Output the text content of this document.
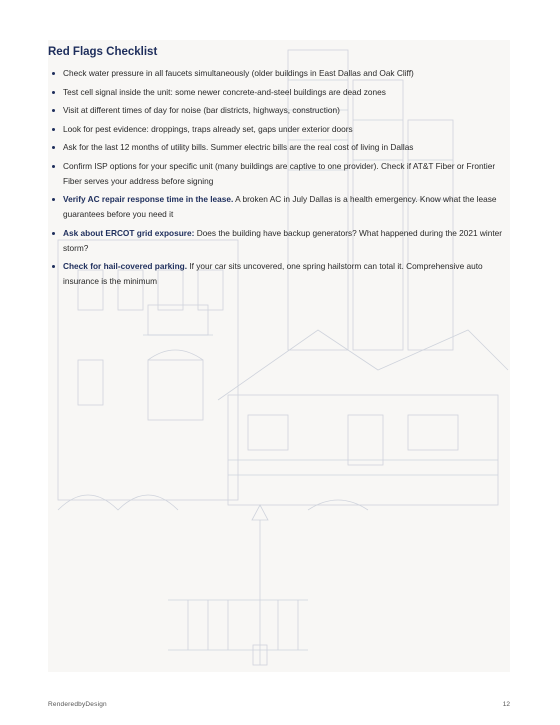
Red Flags Checklist
Check water pressure in all faucets simultaneously (older buildings in East Dallas and Oak Cliff)
Test cell signal inside the unit: some newer concrete-and-steel buildings are dead zones
Visit at different times of day for noise (bar districts, highways, construction)
Look for pest evidence: droppings, traps already set, gaps under exterior doors
Ask for the last 12 months of utility bills. Summer electric bills are the real cost of living in Dallas
Confirm ISP options for your specific unit (many buildings are captive to one provider). Check if AT&T Fiber or Frontier Fiber serves your address before signing
Verify AC repair response time in the lease. A broken AC in July Dallas is a health emergency. Know what the lease guarantees before you need it
Ask about ERCOT grid exposure: Does the building have backup generators? What happened during the 2021 winter storm?
Check for hail-covered parking. If your car sits uncovered, one spring hailstorm can total it. Comprehensive auto insurance is the minimum
RenderedbyDesign	12
